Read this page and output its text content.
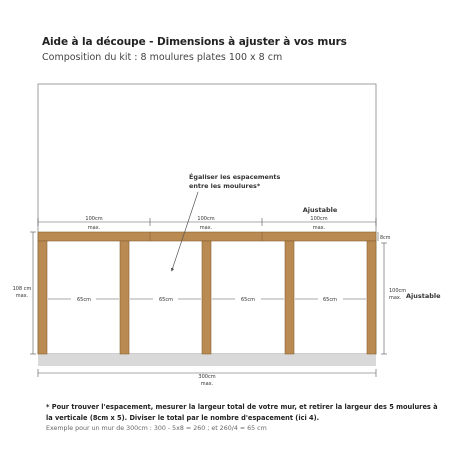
Aide à la découpe - Dimensions à ajuster à vos murs
Composition du kit : 8 moulures plates 100 x 8 cm
100cm
max.
100cm
max.
100cm
max.
Ajustable
8cm
Égaliser les espacements
entre les moulures*
65cm	65cm	65cm	65cm
108 cm
max.
100cm
max. Ajustable
300cm
max.
* Pour trouver l'espacement, mesurer la largeur total de votre mur, et retirer la largeur des 5 moulures à la verticale (8cm x 5). Diviser le total par le nombre d'espacement (ici 4).
Exemple pour un mur de 300cm : 300 - 5x8 = 260 ; et 260/4 = 65 cm
